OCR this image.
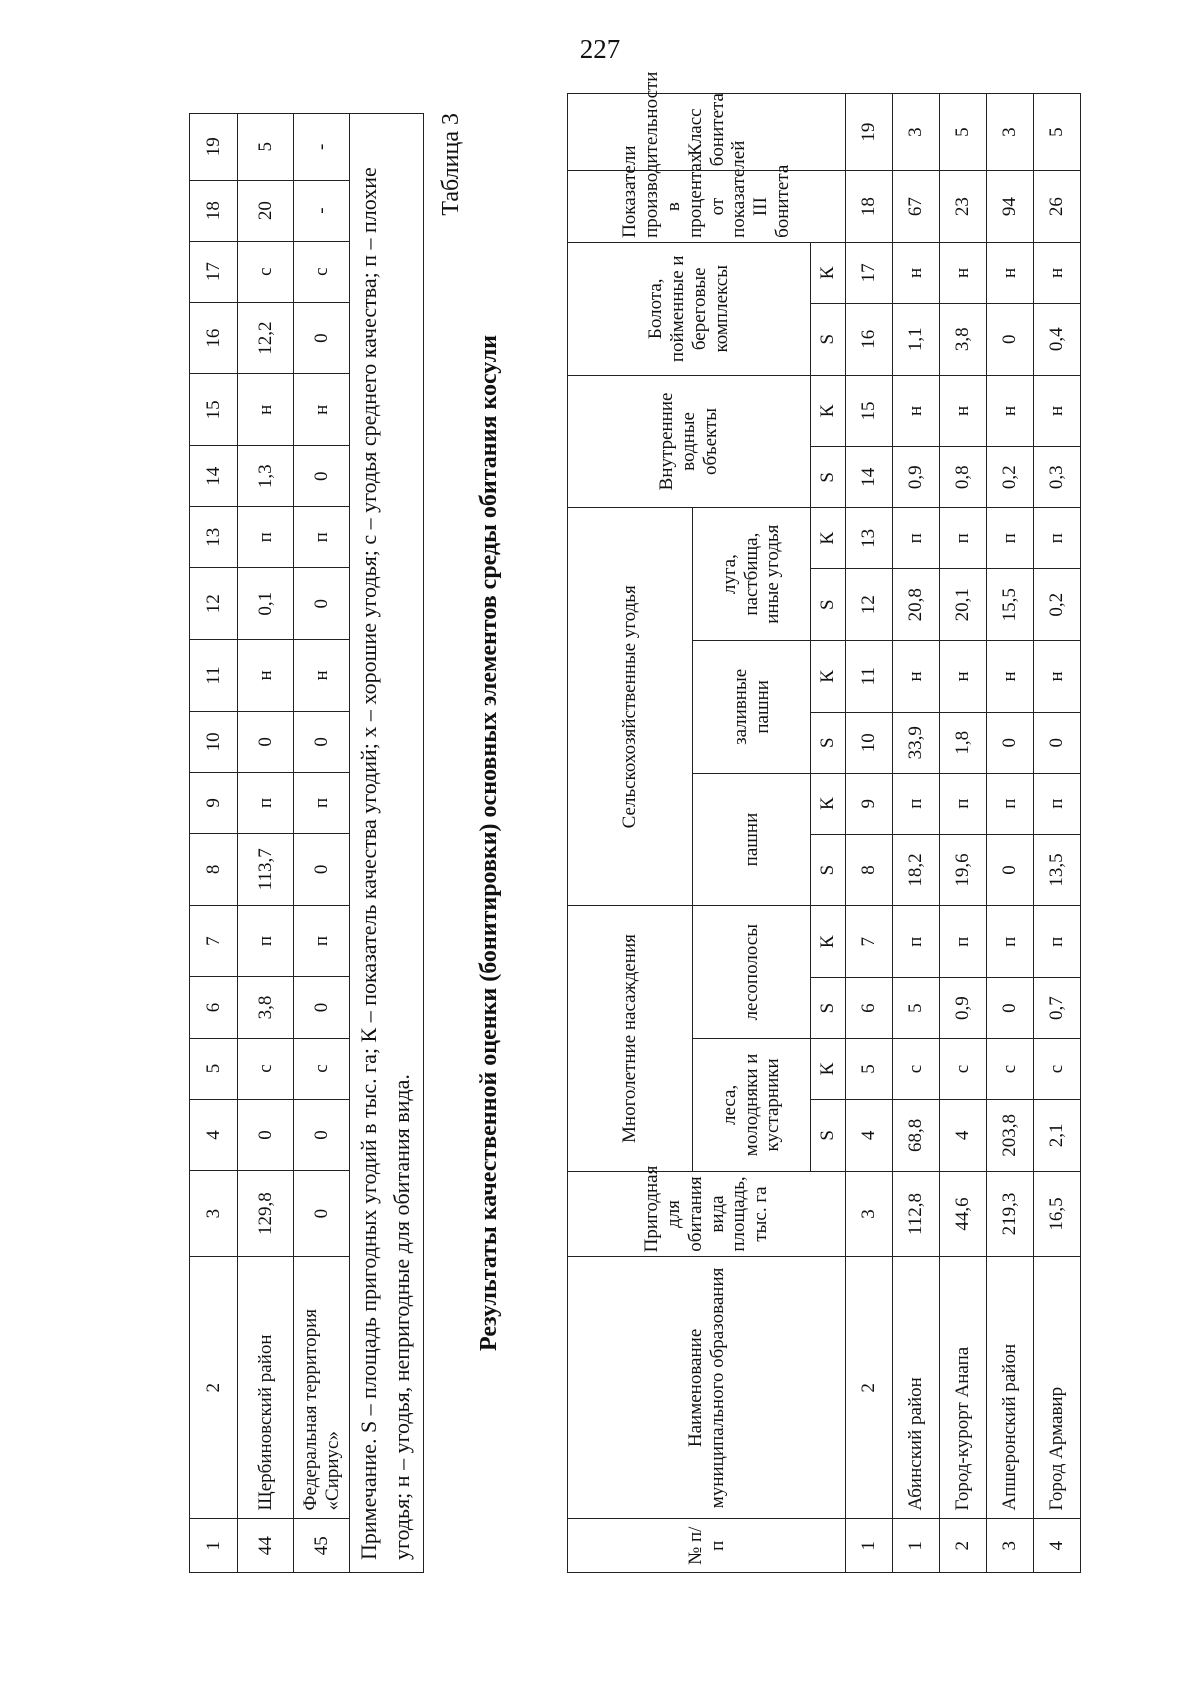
227
1	2	3	4	5	6	7	8	9	10	11	12	13	14	15	16	17	18	19
44	Щербиновский район	129,8	0	с	3,8	п	113,7	п	0	н	0,1	п	1,3	н	12,2	с	20	5
45	Федеральная территория «Сириус»	0	0	с	0	п	0	п	0	н	0	п	0	н	0	с	-	-
Примечание. S – площадь пригодных угодий в тыс. га; К – показатель качества угодий; х – хорошие угодья; с – угодья среднего качества; п – плохие угодья; н – угодья, непригодные для обитания вида.
Таблица 3
Результаты качественной оценки (бонитировки) основных элементов среды обитания косули
№ п/п	Наименование муниципального образования	Пригодная для обитания вида площадь, тыс. га	Многолетние насаждения				Сельскохозяйственные угодья						Внутренние водные объекты		Болота, пойменные и береговые комплексы		Показатели производительности в процентах от показателей III бонитета	Класс бонитета
			леса, молодняки и кустарники		лесополосы		пашни		заливные пашни		луга, пастбища, иные угодья							
			S	К	S	К	S	К	S	К	S	К	S	К	S	К		
1	2	3	4	5	6	7	8	9	10	11	12	13	14	15	16	17	18	19
1	Абинский район	112,8	68,8	с	5	п	18,2	п	33,9	н	20,8	п	0,9	н	1,1	н	67	3
2	Город-курорт Анапа	44,6	4	с	0,9	п	19,6	п	1,8	н	20,1	п	0,8	н	3,8	н	23	5
3	Апшеронский район	219,3	203,8	с	0	п	0	п	0	н	15,5	п	0,2	н	0	н	94	3
4	Город Армавир	16,5	2,1	с	0,7	п	13,5	п	0	н	0,2	п	0,3	н	0,4	н	26	5
